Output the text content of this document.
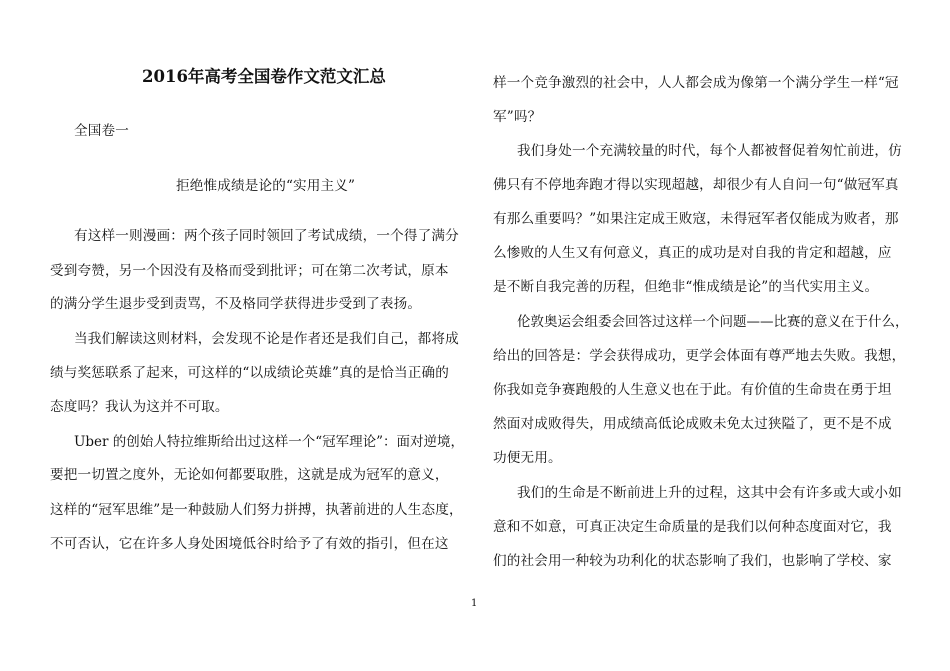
2016年高考全国卷作文范文汇总
全国卷一
拒绝惟成绩是论的“实用主义”
有这样一则漫画：两个孩子同时领回了考试成绩，一个得了满分
受到夸赞，另一个因没有及格而受到批评；可在第二次考试，原本
的满分学生退步受到责骂，不及格同学获得进步受到了表扬。
当我们解读这则材料，会发现不论是作者还是我们自己，都将成
绩与奖惩联系了起来，可这样的“以成绩论英雄”真的是恰当正确的
态度吗？我认为这并不可取。
Uber 的创始人特拉维斯给出过这样一个“冠军理论”：面对逆境，
要把一切置之度外，无论如何都要取胜，这就是成为冠军的意义，
这样的“冠军思维”是一种鼓励人们努力拼搏，执著前进的人生态度，
不可否认，它在许多人身处困境低谷时给予了有效的指引，但在这
样一个竞争激烈的社会中，人人都会成为像第一个满分学生一样“冠
军”吗？
我们身处一个充满较量的时代，每个人都被督促着匆忙前进，仿
佛只有不停地奔跑才得以实现超越，却很少有人自问一句“做冠军真
有那么重要吗？”如果注定成王败寇，未得冠军者仅能成为败者，那
么惨败的人生又有何意义，真正的成功是对自我的肯定和超越，应
是不断自我完善的历程，但绝非“惟成绩是论”的当代实用主义。
伦敦奥运会组委会回答过这样一个问题——比赛的意义在于什么，
给出的回答是：学会获得成功，更学会体面有尊严地去失败。我想，
你我如竞争赛跑般的人生意义也在于此。有价值的生命贵在勇于坦
然面对成败得失，用成绩高低论成败未免太过狭隘了，更不是不成
功便无用。
我们的生命是不断前进上升的过程，这其中会有许多或大或小如
意和不如意，可真正决定生命质量的是我们以何种态度面对它，我
们的社会用一种较为功利化的状态影响了我们，也影响了学校、家
1
